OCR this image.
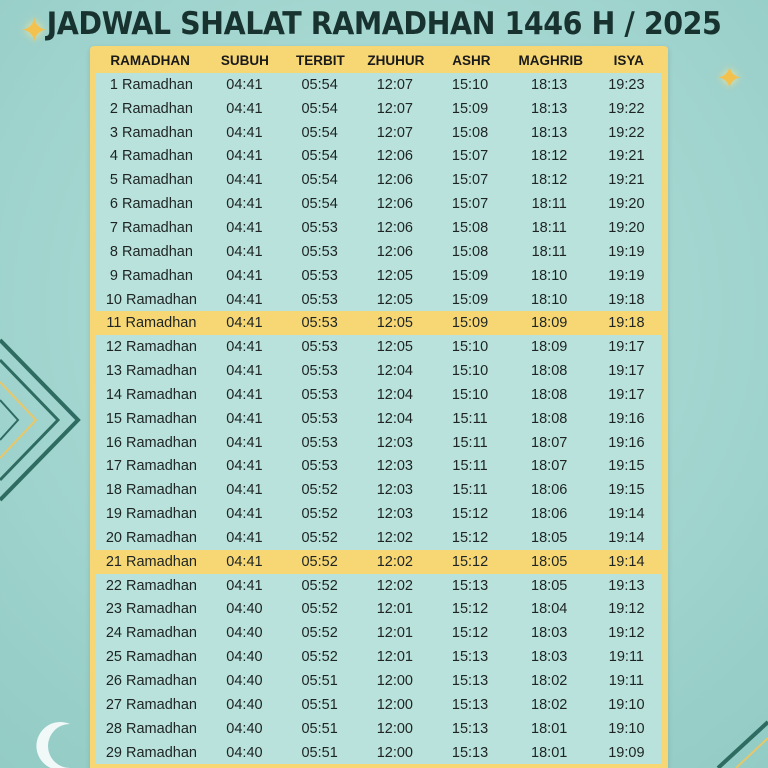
JADWAL SHALAT RAMADHAN 1446 H / 2025
✦
✦
RAMADHAN	SUBUH	TERBIT	ZHUHUR	ASHR	MAGHRIB	ISYA
1 Ramadhan	04:41	05:54	12:07	15:10	18:13	19:23
2 Ramadhan	04:41	05:54	12:07	15:09	18:13	19:22
3 Ramadhan	04:41	05:54	12:07	15:08	18:13	19:22
4 Ramadhan	04:41	05:54	12:06	15:07	18:12	19:21
5 Ramadhan	04:41	05:54	12:06	15:07	18:12	19:21
6 Ramadhan	04:41	05:54	12:06	15:07	18:11	19:20
7 Ramadhan	04:41	05:53	12:06	15:08	18:11	19:20
8 Ramadhan	04:41	05:53	12:06	15:08	18:11	19:19
9 Ramadhan	04:41	05:53	12:05	15:09	18:10	19:19
10 Ramadhan	04:41	05:53	12:05	15:09	18:10	19:18
11 Ramadhan	04:41	05:53	12:05	15:09	18:09	19:18
12 Ramadhan	04:41	05:53	12:05	15:10	18:09	19:17
13 Ramadhan	04:41	05:53	12:04	15:10	18:08	19:17
14 Ramadhan	04:41	05:53	12:04	15:10	18:08	19:17
15 Ramadhan	04:41	05:53	12:04	15:11	18:08	19:16
16 Ramadhan	04:41	05:53	12:03	15:11	18:07	19:16
17 Ramadhan	04:41	05:53	12:03	15:11	18:07	19:15
18 Ramadhan	04:41	05:52	12:03	15:11	18:06	19:15
19 Ramadhan	04:41	05:52	12:03	15:12	18:06	19:14
20 Ramadhan	04:41	05:52	12:02	15:12	18:05	19:14
21 Ramadhan	04:41	05:52	12:02	15:12	18:05	19:14
22 Ramadhan	04:41	05:52	12:02	15:13	18:05	19:13
23 Ramadhan	04:40	05:52	12:01	15:12	18:04	19:12
24 Ramadhan	04:40	05:52	12:01	15:12	18:03	19:12
25 Ramadhan	04:40	05:52	12:01	15:13	18:03	19:11
26 Ramadhan	04:40	05:51	12:00	15:13	18:02	19:11
27 Ramadhan	04:40	05:51	12:00	15:13	18:02	19:10
28 Ramadhan	04:40	05:51	12:00	15:13	18:01	19:10
29 Ramadhan	04:40	05:51	12:00	15:13	18:01	19:09
